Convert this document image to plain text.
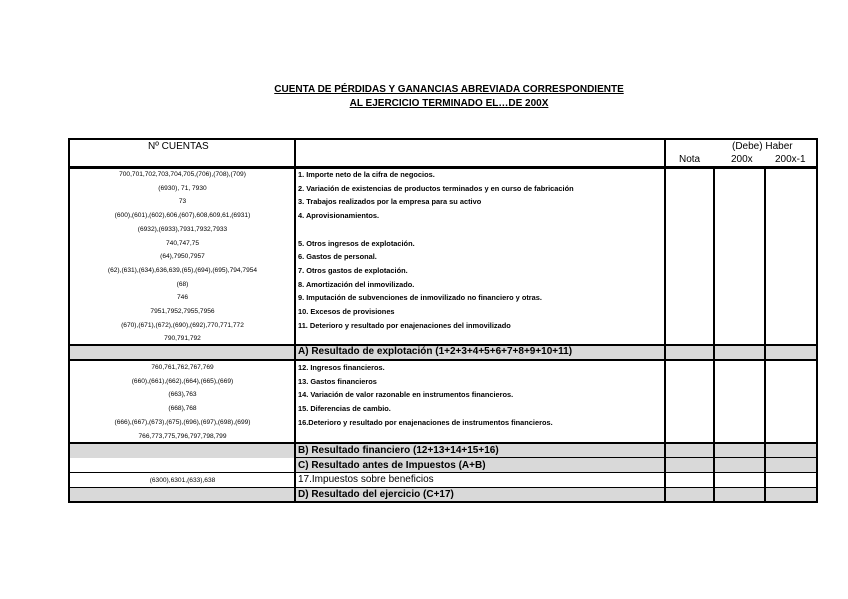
CUENTA DE PÉRDIDAS Y GANANCIAS ABREVIADA CORRESPONDIENTE
AL EJERCICIO TERMINADO EL…DE 200X
Nº CUENTAS	(Debe) Haber
Nota	200x 200x-1
700,701,702,703,704,705,(706),(708),(709)	1. Importe neto de la cifra de negocios.
(6930), 71, 7930	2. Variación de existencias de productos terminados y en curso de fabricación
73	3. Trabajos realizados por la empresa para su activo
(600),(601),(602),606,(607),608,609,61,(6931)	4. Aprovisionamientos.
(6932),(6933),7931,7932,7933
740,747,75	5. Otros ingresos de explotación.
(64),7950,7957	6. Gastos de personal.
(62),(631),(634),636,639,(65),(694),(695),794,7954	7. Otros gastos de explotación.
(68)	8. Amortización del inmovilizado.
746	9. Imputación de subvenciones de inmovilizado no financiero y otras.
7951,7952,7955,7956	10. Excesos de provisiones
(670),(671),(672),(690),(692),770,771,772	11. Deterioro y resultado por enajenaciones del inmovilizado
790,791,792
A) Resultado de explotación (1+2+3+4+5+6+7+8+9+10+11)
760,761,762,767,769	12. Ingresos financieros.
(660),(661),(662),(664),(665),(669)	13. Gastos financieros
(663),763	14. Variación de valor razonable en instrumentos financieros.
(668),768	15. Diferencias de cambio.
(666),(667),(673),(675),(696),(697),(698),(699)	16.Deterioro y resultado por enajenaciones de instrumentos financieros.
766,773,775,796,797,798,799
B) Resultado financiero (12+13+14+15+16)
C) Resultado antes de Impuestos (A+B)
(6300),6301,(633),638	17.Impuestos sobre beneficios
D) Resultado del ejercicio (C+17)
